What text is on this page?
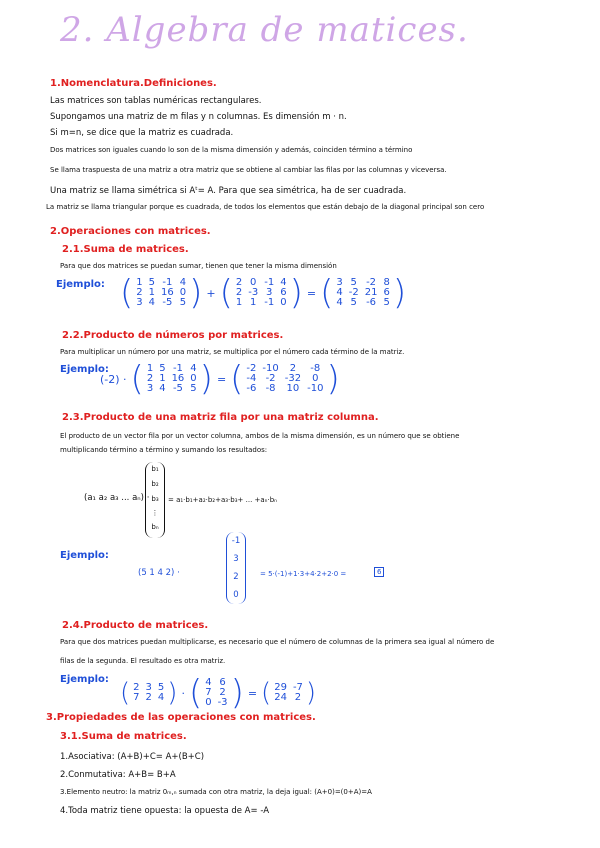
2. Algebra de matices.
1.Nomenclatura.Definiciones.
Las matrices son tablas numéricas rectangulares.
Supongamos una matriz de m filas y n columnas. Es dimensión m · n.
Si m=n, se dice que la matriz es cuadrada.
Dos matrices son iguales cuando lo son de la misma dimensión y además, coinciden término a término
Se llama traspuesta de una matriz a otra matriz que se obtiene al cambiar las filas por las columnas y viceversa.
Una matriz se llama simétrica si Aᵗ= A. Para que sea simétrica, ha de ser cuadrada.
La matriz se llama triangular porque es cuadrada, de todos los elementos que están debajo de la diagonal principal son cero
2.Operaciones con matrices.
2.1.Suma de matrices.
Para que dos matrices se puedan sumar, tienen que tener la misma dimensión
Ejemplo: ( 1	5	-1	4
2	1	16	0
3	4	-5	5 ) + ( 2	0	-1	4
2	-3	3	6
1	1	-1	0 ) = ( 3	5	-2	8
4	-2	21	6
4	5	-6	5 )
2.2.Producto de números por matrices.
Para multiplicar un número por una matriz, se multiplica por el número cada término de la matriz.
Ejemplo:
(-2) · ( 1	5	-1	4
2	1	16	0
3	4	-5	5 ) = ( -2	-10	2	-8
-4	-2	-32	0
-6	-8	10	-10 )
2.3.Producto de una matriz fila por una matriz columna.
El producto de un vector fila por un vector columna, ambos de la misma dimensión, es un número que se obtiene
multiplicando término a término y sumando los resultados:
(a₁ a₂ a₃ ... aₙ) ·
b₁
b₂
b₃
⋮
bₙ
= a₁·b₁+a₂·b₂+a₃·b₃+ ... +aₙ·bₙ
Ejemplo:
(5 1 4 2) ·
-1
3
2
0
= 5·(-1)+1·3+4·2+2·0 =	6
2.4.Producto de matrices.
Para que dos matrices puedan multiplicarse, es necesario que el número de columnas de la primera sea igual al número de
filas de la segunda. El resultado es otra matriz.
Ejemplo: ( 2	3	5
7	2	4 ) · ( 4	6
7	2
0	-3 ) = ( 29	-7
24	2 )
3.Propiedades de las operaciones con matrices.
3.1.Suma de matrices.
1.Asociativa: (A+B)+C= A+(B+C)
2.Conmutativa: A+B= B+A
3.Elemento neutro: la matriz 0ₘ,ₙ sumada con otra matriz, la deja igual: (A+0)=(0+A)=A
4.Toda matriz tiene opuesta: la opuesta de A= -A
